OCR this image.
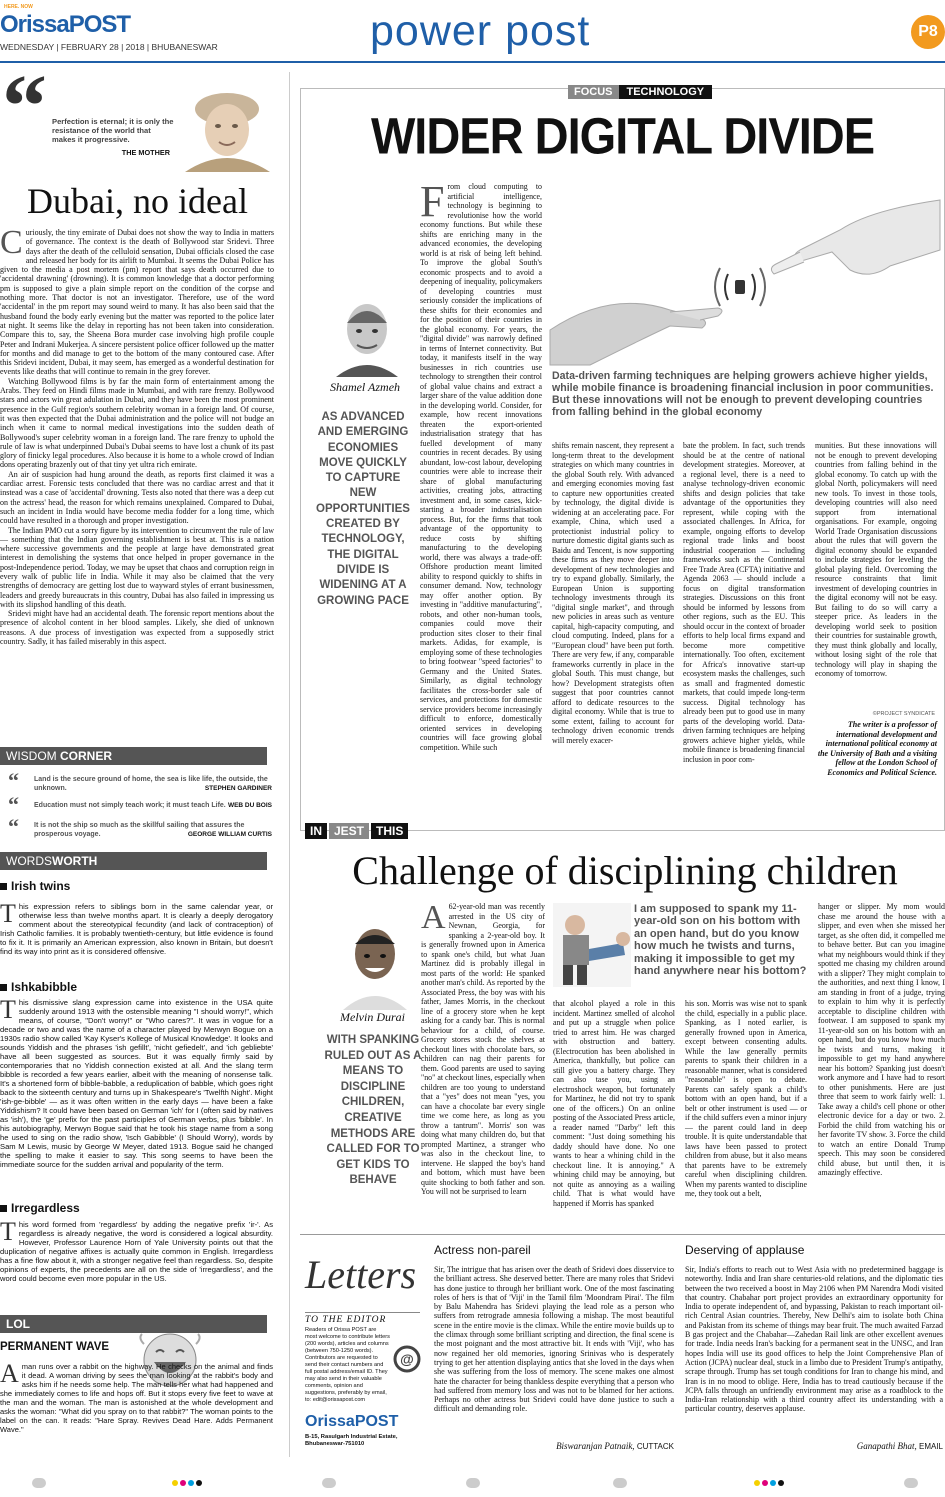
HERE. NOW
OrissaPOST
WEDNESDAY | FEBRUARY 28 | 2018 | BHUBANESWAR	power post	P8
“ Perfection is eternal; it is only the resistance of the world that makes it progressive.
THE MOTHER
Dubai, no ideal

Curiously, the tiny emirate of Dubai does not show the way to India in matters of governance. The context is the death of Bollywood star Sridevi. Three days after the death of the celluloid sensation, Dubai officials closed the case and released her body for its airlift to Mumbai. It seems the Dubai Police has given to the media a post mortem (pm) report that says death occurred due to 'accidental drawning' (drowning). It is common knowledge that a doctor performing pm is supposed to give a plain simple report on the condition of the corpse and nothing more. That doctor is not an investigator. Therefore, use of the word 'accidental' in the pm report may sound weird to many. It has also been said that the husband found the body early evening but the matter was reported to the police later at night. It seems like the delay in reporting has not been taken into consideration. Compare this to, say, the Sheena Bora murder case involving high profile couple Peter and Indrani Mukerjea. A sincere persistent police officer followed up the matter for months and did manage to get to the bottom of the many contoured case. After this Sridevi incident, Dubai, it may seem, has emerged as a wonderful destination for events like deaths that will continue to remain in the grey forever.

Watching Bollywood films is by far the main form of entertainment among the Arabs. They feed on Hindi films made in Mumbai, and with rare frenzy. Bollywood stars and actors win great adulation in Dubai, and they have been the most prominent presence in the Gulf region's southern celebrity woman in a foreign land. Of course, it was then expected that the Dubai administration and the police will not budge an inch when it came to normal medical investigations into the sudden death of Bollywood's super celebrity woman in a foreign land. The rare frenzy to uphold the rule of law is what underpinned Dubai's Dubai seems to have lost a chunk of its past glory of finicky legal procedures. Also because it is home to a whole crowd of Indian dons operating brazenly out of that tiny yet ultra rich emirate.

An air of suspicion had hung around the death, as reports first claimed it was a cardiac arrest. Forensic tests concluded that there was no cardiac arrest and that it instead was a case of 'accidental' drowning. Tests also noted that there was a deep cut on the actress' head, the reason for which remains unexplained. Compared to Dubai, such an incident in India would have become media fodder for a long time, which could have resulted in a thorough and proper investigation.

The Indian PMO cut a sorry figure by its intervention to circumvent the rule of law — something that the Indian governing establishment is best at. This is a nation where successive governments and the people at large have demonstrated great interest in demolishing the systems that once helped in proper governance in the post-Independence period. Today, we may be upset that chaos and corruption reign in every walk of public life in India. While it may also be claimed that the very strengths of democracy are getting lost due to wayward styles of errant businessmen, leaders and greedy bureaucrats in this country, Dubai has also failed in impressing us with its slipshod handling of this death.

Sridevi might have had an accidental death. The forensic report mentions about the presence of alcohol content in her blood samples. Likely, she died of unknown reasons. A due process of investigation was expected from a supposedly strict country. Sadly, it has failed miserably in this aspect.

WISDOM CORNER
“ Land is the secure ground of home, the sea is like life, the outside, the unknown.	STEPHEN GARDINER
“ Education must not simply teach work; it must teach Life. WEB DU BOIS
“ It is not the ship so much as the skillful sailing that assures the prosperous voyage.	GEORGE WILLIAM CURTIS
WORDSWORTH
Irish twins
This expression refers to siblings born in the same calendar year, or otherwise less than twelve months apart. It is clearly a deeply derogatory comment about the stereotypical fecundity (and lack of contraception) of Irish Catholic families. It is probably twentieth-century, but little evidence is found to fix it. It is primarily an American expression, also known in Britain, but doesn't find its way into print as it is considered offensive.
Ishkabibble
This dismissive slang expression came into existence in the USA quite suddenly around 1913 with the ostensible meaning "I should worry!", which means, of course, "Don't worry!" or "Who cares?". It was in vogue for a decade or two and was the name of a character played by Merwyn Bogue on a 1930s radio show called 'Kay Kyser's Kollege of Musical Knowledge'. It looks and sounds Yiddish and the phrases 'ish gefillt', 'nicht gefiedelt', and 'ich gebliebte' have all been suggested as sources. But it was equally firmly said by contemporaries that no Yiddish connection existed at all. And the slang term bibble is recorded a few years earlier, albeit with the meaning of nonsense talk. It's a shortened form of bibble-babble, a reduplication of babble, which goes right back to the sixteenth century and turns up in Shakespeare's 'Twelfth Night'. Might 'ish-ge-bibble' — as it was often written in the early days — have been a fake Yiddishism? It could have been based on German 'ich' for I (often said by natives as 'ish'), the 'ge' prefix for the past participles of German verbs, plus 'bibble'. In his autobiography, Merwyn Bogue said that he took his stage name from a song he used to sing on the radio show, 'Isch Gabibble' (I Should Worry), words by Sam M Lewis, music by George W Meyer, dated 1913. Bogue said he changed the spelling to make it easier to say. This song seems to have been the immediate source for the sudden arrival and popularity of the term.
Irregardless
This word formed from 'regardless' by adding the negative prefix 'ir-'. As regardless is already negative, the word is considered a logical absurdity. However, Professor Laurence Horn of Yale University points out that the duplication of negative affixes is actually quite common in English. Irregardless has a fine flow about it, with a stronger negative feel than regardless. So, despite opinions of experts, the precedents are all on the side of 'irregardless', and the word could become even more popular in the US.
LOL
PERMANENT WAVE
A man runs over a rabbit on the highway. He checks on the animal and finds it dead. A woman driving by sees the man looking at the rabbit's body and asks him if he needs some help. The man tells her what had happened and she immediately comes to life and hops off. But it stops every five feet to wave at the man and the woman. The man is astonished at the whole development and asks the woman: "What did you spray on to that rabbit?" The woman points to the label on the can. It reads: "Hare Spray. Revives Dead Hare. Adds Permanent Wave."
FOCUS TECHNOLOGY
WIDER DIGITAL DIVIDE
Shamel Azmeh
AS ADVANCED AND EMERGING ECONOMIES MOVE QUICKLY TO CAPTURE NEW OPPORTUNITIES CREATED BY TECHNOLOGY, THE DIGITAL DIVIDE IS WIDENING AT A GROWING PACE
From cloud computing to artificial intelligence, technology is beginning to revolutionise how the world economy functions. But while these shifts are enriching many in the advanced economies, the developing world is at risk of being left behind. To improve the global South's economic prospects and to avoid a deepening of inequality, policymakers of developing countries must seriously consider the implications of these shifts for their economies and for the position of their countries in the global economy. For years, the "digital divide" was narrowly defined in terms of Internet connectivity. But today, it manifests itself in the way businesses in rich countries use technology to strengthen their control of global value chains and extract a larger share of the value addition done in the developing world. Consider, for example, how recent innovations threaten the export-oriented industrialisation strategy that has fuelled development of many countries in recent decades. By using abundant, low-cost labour, developing countries were able to increase their share of global manufacturing activities, creating jobs, attracting investment and, in some cases, kick-starting a broader industrialisation process. But, for the firms that took advantage of the opportunity to reduce costs by shifting manufacturing to the developing world, there was always a trade-off: Offshore production meant limited ability to respond quickly to shifts in consumer demand. Now, technology may offer another option. By investing in "additive manufacturing", robots, and other non-human tools, companies could move their production sites closer to their final markets. Adidas, for example, is employing some of these technologies to bring footwear "speed factories" to Germany and the United States. Similarly, as digital technology facilitates the cross-border sale of services, and protections for domestic service providers become increasingly difficult to enforce, domestically oriented services in developing countries will face growing global competition. While such
Data-driven farming techniques are helping growers achieve higher yields, while mobile finance is broadening financial inclusion in poor communities. But these innovations will not be enough to prevent developing countries from falling behind in the global economy
shifts remain nascent, they represent a long-term threat to the development strategies on which many countries in the global South rely. With advanced and emerging economies moving fast to capture new opportunities created by technology, the digital divide is widening at an accelerating pace. For example, China, which used a protectionist industrial policy to nurture domestic digital giants such as Baidu and Tencent, is now supporting these firms as they move deeper into development of new technologies and try to expand globally. Similarly, the European Union is supporting technology investments through its "digital single market", and through new policies in areas such as venture capital, high-capacity computing, and cloud computing. Indeed, plans for a "European cloud" have been put forth. There are very few, if any, comparable frameworks currently in place in the global South. This must change, but how? Development strategists often suggest that poor countries cannot afford to dedicate resources to the digital economy. While that is true to some extent, failing to account for technology driven economic trends will merely exacer-
bate the problem. In fact, such trends should be at the centre of national development strategies. Moreover, at a regional level, there is a need to analyse technology-driven economic shifts and design policies that take advantage of the opportunities they represent, while coping with the associated challenges. In Africa, for example, ongoing efforts to develop regional trade links and boost industrial cooperation — including frameworks such as the Continental Free Trade Area (CFTA) initiative and Agenda 2063 — should include a focus on digital transformation strategies. Discussions on this front should be informed by lessons from other regions, such as the EU. This should occur in the context of broader efforts to help local firms expand and become more competitive internationally. Too often, excitement for Africa's innovative start-up ecosystem masks the challenges, such as small and fragmented domestic markets, that could impede long-term success. Digital technology has already been put to good use in many parts of the developing world. Data-driven farming techniques are helping growers achieve higher yields, while mobile finance is broadening financial inclusion in poor com-
munities. But these innovations will not be enough to prevent developing countries from falling behind in the global economy. To catch up with the global North, policymakers will need new tools. To invest in those tools, developing countries will also need support from international organisations. For example, ongoing World Trade Organisation discussions about the rules that will govern the digital economy should be expanded to include strategies for leveling the global playing field. Overcoming the resource constraints that limit investment of developing countries in the digital economy will not be easy. But failing to do so will carry a steeper price. As leaders in the developing world seek to position their countries for sustainable growth, they must think globally and locally, without losing sight of the role that technology will play in shaping the economy of tomorrow.
©PROJECT SYNDICATE
The writer is a professor of international development and international political economy at the University of Bath and a visiting fellow at the London School of Economics and Political Science.
IN JEST THIS
Challenge of disciplining children
Melvin Durai
WITH SPANKING RULED OUT AS A MEANS TO DISCIPLINE CHILDREN, CREATIVE METHODS ARE CALLED FOR TO GET KIDS TO BEHAVE
A 62-year-old man was recently arrested in the US city of Newnan, Georgia, for spanking a 2-year-old boy. It is generally frowned upon in America to spank one's child, but what Juan Martinez did is probably illegal in most parts of the world: He spanked another man's child. As reported by the Associated Press, the boy was with his father, James Morris, in the checkout line of a grocery store when he kept asking for a candy bar. This is normal behaviour for a child, of course. Grocery stores stock the shelves at checkout lines with chocolate bars, so children can nag their parents for them. Good parents are used to saying "no" at checkout lines, especially when children are too young to understand that a "yes" does not mean "yes, you can have a chocolate bar every single time we come here, as long as you throw a tantrum". Morris' son was doing what many children do, but that prompted Martinez, a stranger who was also in the checkout line, to intervene. He slapped the boy's hand and bottom, which must have been quite shocking to both father and son. You will not be surprised to learn
I am supposed to spank my 11-year-old son on his bottom with an open hand, but do you know how much he twists and turns, making it impossible to get my hand anywhere near his bottom?
that alcohol played a role in this incident. Martinez smelled of alcohol and put up a struggle when police tried to arrest him. He was charged with obstruction and battery. (Electrocution has been abolished in America, thankfully, but police can still give you a battery charge. They can also tase you, using an electroshock weapon, but fortunately for Martinez, he did not try to spank one of the officers.) On an online posting of the Associated Press article, a reader named "Darby" left this comment: "Just doing something his daddy should have done. No one wants to hear a whining child in the checkout line. It is annoying." A whining child may be annoying, but not quite as annoying as a wailing child. That is what would have happened if Morris has spanked
his son. Morris was wise not to spank the child, especially in a public place. Spanking, as I noted earlier, is generally frowned upon in America, except between consenting adults. While the law generally permits parents to spank their children in a reasonable manner, what is considered "reasonable" is open to debate. Parents can safely spank a child's bottom with an open hand, but if a belt or other instrument is used — or if the child suffers even a minor injury — the parent could land in deep trouble. It is quite understandable that laws have been passed to protect children from abuse, but it also means that parents have to be extremely careful when disciplining children. When my parents wanted to discipline me, they took out a belt,
hanger or slipper. My mom would chase me around the house with a slipper, and even when she missed her target, as she often did, it compelled me to behave better. But can you imagine what my neighbours would think if they spotted me chasing my children around with a slipper? They might complain to the authorities, and next thing I know, I am standing in front of a judge, trying to explain to him why it is perfectly acceptable to discipline children with footwear. I am supposed to spank my 11-year-old son on his bottom with an open hand, but do you know how much he twists and turns, making it impossible to get my hand anywhere near his bottom? Spanking just doesn't work anymore and I have had to resort to other punishments. Here are just three that seem to work fairly well: 1. Take away a child's cell phone or other electronic device for a day or two. 2. Forbid the child from watching his or her favorite TV show. 3. Force the child to watch an entire Donald Trump speech. This may soon be considered child abuse, but until then, it is amazingly effective.
Letters
TO THE EDITOR
Readers of Orissa POST are most welcome to contribute letters (200 words), articles and columns (between 750-1250 words). Contributors are requested to send their contact numbers and full postal address/email ID. They may also send in their valuable comments, opinion and suggestions, preferably by email, to: edit@orissapost.com
@
OrissaPOST
B-15, Rasulgarh Industrial Estate, Bhubaneswar-751010
Actress non-pareil
Sir, The intrigue that has arisen over the death of Sridevi does disservice to the brilliant actress. She deserved better. There are many roles that Sridevi has done justice to through her brilliant work. One of the most fascinating roles of hers is that of 'Viji' in the Tamil film 'Moondram Pirai'. The film by Balu Mahendra has Sridevi playing the lead role as a person who suffers from retrograde amnesia following a mishap. The most beautiful scene in the entire movie is the climax. While the entire movie builds up to the climax through some brilliant scripting and direction, the final scene is the most poignant and the most attractive bit. It ends with 'Viji', who has now regained her old memories, ignoring Srinivas who is desperately trying to get her attention displaying antics that she loved in the days when she was suffering from the loss of memory. The scene makes one almost hate the character for being thankless despite everything that a person who had suffered from memory loss and was not to be blamed for her actions. Perhaps no other actress but Sridevi could have done justice to such a difficult and demanding role.
Biswaranjan Patnaik, CUTTACK
Deserving of applause
Sir, India's efforts to reach out to West Asia with no predetermined baggage is noteworthy. India and Iran share centuries-old relations, and the diplomatic ties between the two received a boost in May 2106 when PM Narendra Modi visited that country. Chabahar port project provides an extraordinary opportunity for India to operate independent of, and bypassing, Pakistan to reach important oil-rich Central Asian countries. Thereby, New Delhi's aim to isolate both China and Pakistan from its scheme of things may bear fruit. The much awaited Farzad B gas project and the Chabahar—Zahedan Rail link are other excellent avenues for trade. India needs Iran's backing for a permanent seat in the UNSC, and Iran hopes India will use its good offices to help the Joint Comprehensive Plan of Action (JCPA) nuclear deal, stuck in a limbo due to President Trump's antipathy, scrape through. Trump has set tough conditions for Iran to change his mind, and Iran is in no mood to oblige. Here, India has to tread cautiously because if the JCPA falls through an unfriendly environment may arise as a roadblock to the India-Iran relationship with a third country affect its understanding with a particular country, deserves applause.
Ganapathi Bhat, EMAIL
